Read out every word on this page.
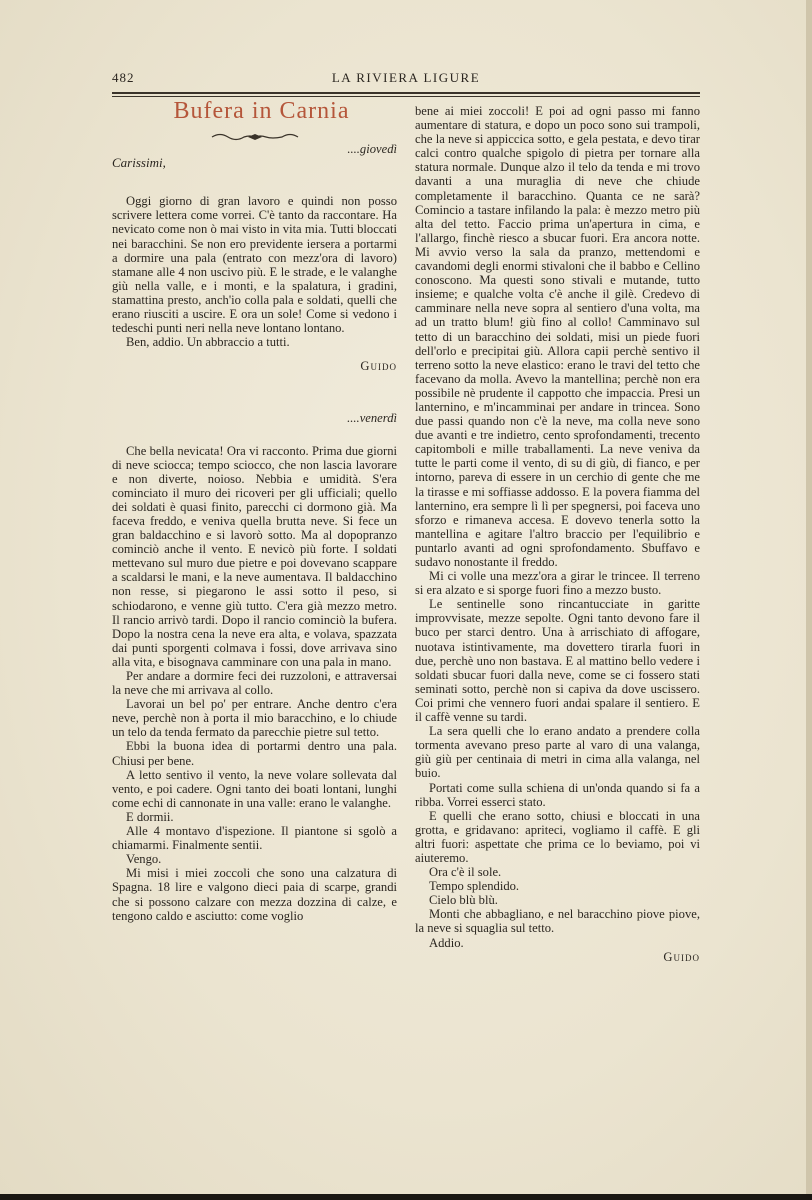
482	LA RIVIERA LIGURE

Bufera in Carnia

....giovedì

Carissimi,

Oggi giorno di gran lavoro e quindi non posso scrivere lettera come vorrei. C'è tanto da raccontare. Ha nevicato come non ò mai visto in vita mia. Tutti bloccati nei baracchini. Se non ero previdente iersera a portarmi a dormire una pala (entrato con mezz'ora di lavoro) stamane alle 4 non uscivo più. E le strade, e le valanghe giù nella valle, e i monti, e la spalatura, i gradini, stamattina presto, anch'io colla pala e soldati, quelli che erano riusciti a uscire. E ora un sole! Come si vedono i tedeschi punti neri nella neve lontano lontano.

Ben, addio. Un abbraccio a tutti.

Guido

....venerdì

Che bella nevicata! Ora vi racconto. Prima due giorni di neve sciocca; tempo sciocco, che non lascia lavorare e non diverte, noioso. Nebbia e umidità. S'era cominciato il muro dei ricoveri per gli ufficiali; quello dei soldati è quasi finito, parecchi ci dormono già. Ma faceva freddo, e veniva quella brutta neve. Si fece un gran baldacchino e si lavorò sotto. Ma al dopopranzo cominciò anche il vento. E nevicò più forte. I soldati mettevano sul muro due pietre e poi dovevano scappare a scaldarsi le mani, e la neve aumentava. Il baldacchino non resse, si piegarono le assi sotto il peso, si schiodarono, e venne giù tutto. C'era già mezzo metro. Il rancio arrivò tardi. Dopo il rancio cominciò la bufera. Dopo la nostra cena la neve era alta, e volava, spazzata dai punti sporgenti colmava i fossi, dove arrivava sino alla vita, e bisognava camminare con una pala in mano.

Per andare a dormire feci dei ruzzoloni, e attraversai la neve che mi arrivava al collo.

Lavorai un bel po' per entrare. Anche dentro c'era neve, perchè non à porta il mio baracchino, e lo chiude un telo da tenda fermato da parecchie pietre sul tetto.

Ebbi la buona idea di portarmi dentro una pala. Chiusi per bene.

A letto sentivo il vento, la neve volare sollevata dal vento, e poi cadere. Ogni tanto dei boati lontani, lunghi come echi di cannonate in una valle: erano le valanghe.

E dormii.

Alle 4 montavo d'ispezione. Il piantone si sgolò a chiamarmi. Finalmente sentii.

Vengo.

Mi misi i miei zoccoli che sono una calzatura di Spagna. 18 lire e valgono dieci paia di scarpe, grandi che si possono calzare con mezza dozzina di calze, e tengono caldo e asciutto: come voglio

bene ai miei zoccoli! E poi ad ogni passo mi fanno aumentare di statura, e dopo un poco sono sui trampoli, che la neve si appiccica sotto, e gela pestata, e devo tirar calci contro qualche spigolo di pietra per tornare alla statura normale. Dunque alzo il telo da tenda e mi trovo davanti a una muraglia di neve che chiude completamente il baracchino. Quanta ce ne sarà? Comincio a tastare infilando la pala: è mezzo metro più alta del tetto. Faccio prima un'apertura in cima, e l'allargo, finchè riesco a sbucar fuori. Era ancora notte. Mi avvio verso la sala da pranzo, mettendomi e cavandomi degli enormi stivaloni che il babbo e Cellino conoscono. Ma questi sono stivali e mutande, tutto insieme; e qualche volta c'è anche il gilè. Credevo di camminare nella neve sopra al sentiero d'una volta, ma ad un tratto blum! giù fino al collo! Camminavo sul tetto di un baracchino dei soldati, misi un piede fuori dell'orlo e precipitai giù. Allora capii perchè sentivo il terreno sotto la neve elastico: erano le travi del tetto che facevano da molla. Avevo la mantellina; perchè non era possibile nè prudente il cappotto che impaccia. Presi un lanternino, e m'incamminai per andare in trincea. Sono due passi quando non c'è la neve, ma colla neve sono due avanti e tre indietro, cento sprofondamenti, trecento capitomboli e mille traballamenti. La neve veniva da tutte le parti come il vento, di su di giù, di fianco, e per intorno, pareva di essere in un cerchio di gente che me la tirasse e mi soffiasse addosso. E la povera fiamma del lanternino, era sempre lì lì per spegnersi, poi faceva uno sforzo e rimaneva accesa. E dovevo tenerla sotto la mantellina e agitare l'altro braccio per l'equilibrio e puntarlo avanti ad ogni sprofondamento. Sbuffavo e sudavo nonostante il freddo.

Mi ci volle una mezz'ora a girar le trincee. Il terreno si era alzato e si sporge fuori fino a mezzo busto.

Le sentinelle sono rincantucciate in garitte improvvisate, mezze sepolte. Ogni tanto devono fare il buco per starci dentro. Una à arrischiato di affogare, nuotava istintivamente, ma dovettero tirarla fuori in due, perchè uno non bastava. E al mattino bello vedere i soldati sbucar fuori dalla neve, come se ci fossero stati seminati sotto, perchè non si capiva da dove uscissero. Coi primi che vennero fuori andai spalare il sentiero. E il caffè venne su tardi.

La sera quelli che lo erano andato a prendere colla tormenta avevano preso parte al varo di una valanga, giù giù per centinaia di metri in cima alla valanga, nel buio.

Portati come sulla schiena di un'onda quando si fa a ribba. Vorrei esserci stato.

E quelli che erano sotto, chiusi e bloccati in una grotta, e gridavano: apriteci, vogliamo il caffè. E gli altri fuori: aspettate che prima ce lo beviamo, poi vi aiuteremo.

Ora c'è il sole.

Tempo splendido.

Cielo blù blù.

Monti che abbagliano, e nel baracchino piove piove, la neve si squaglia sul tetto.

Addio.

Guido
